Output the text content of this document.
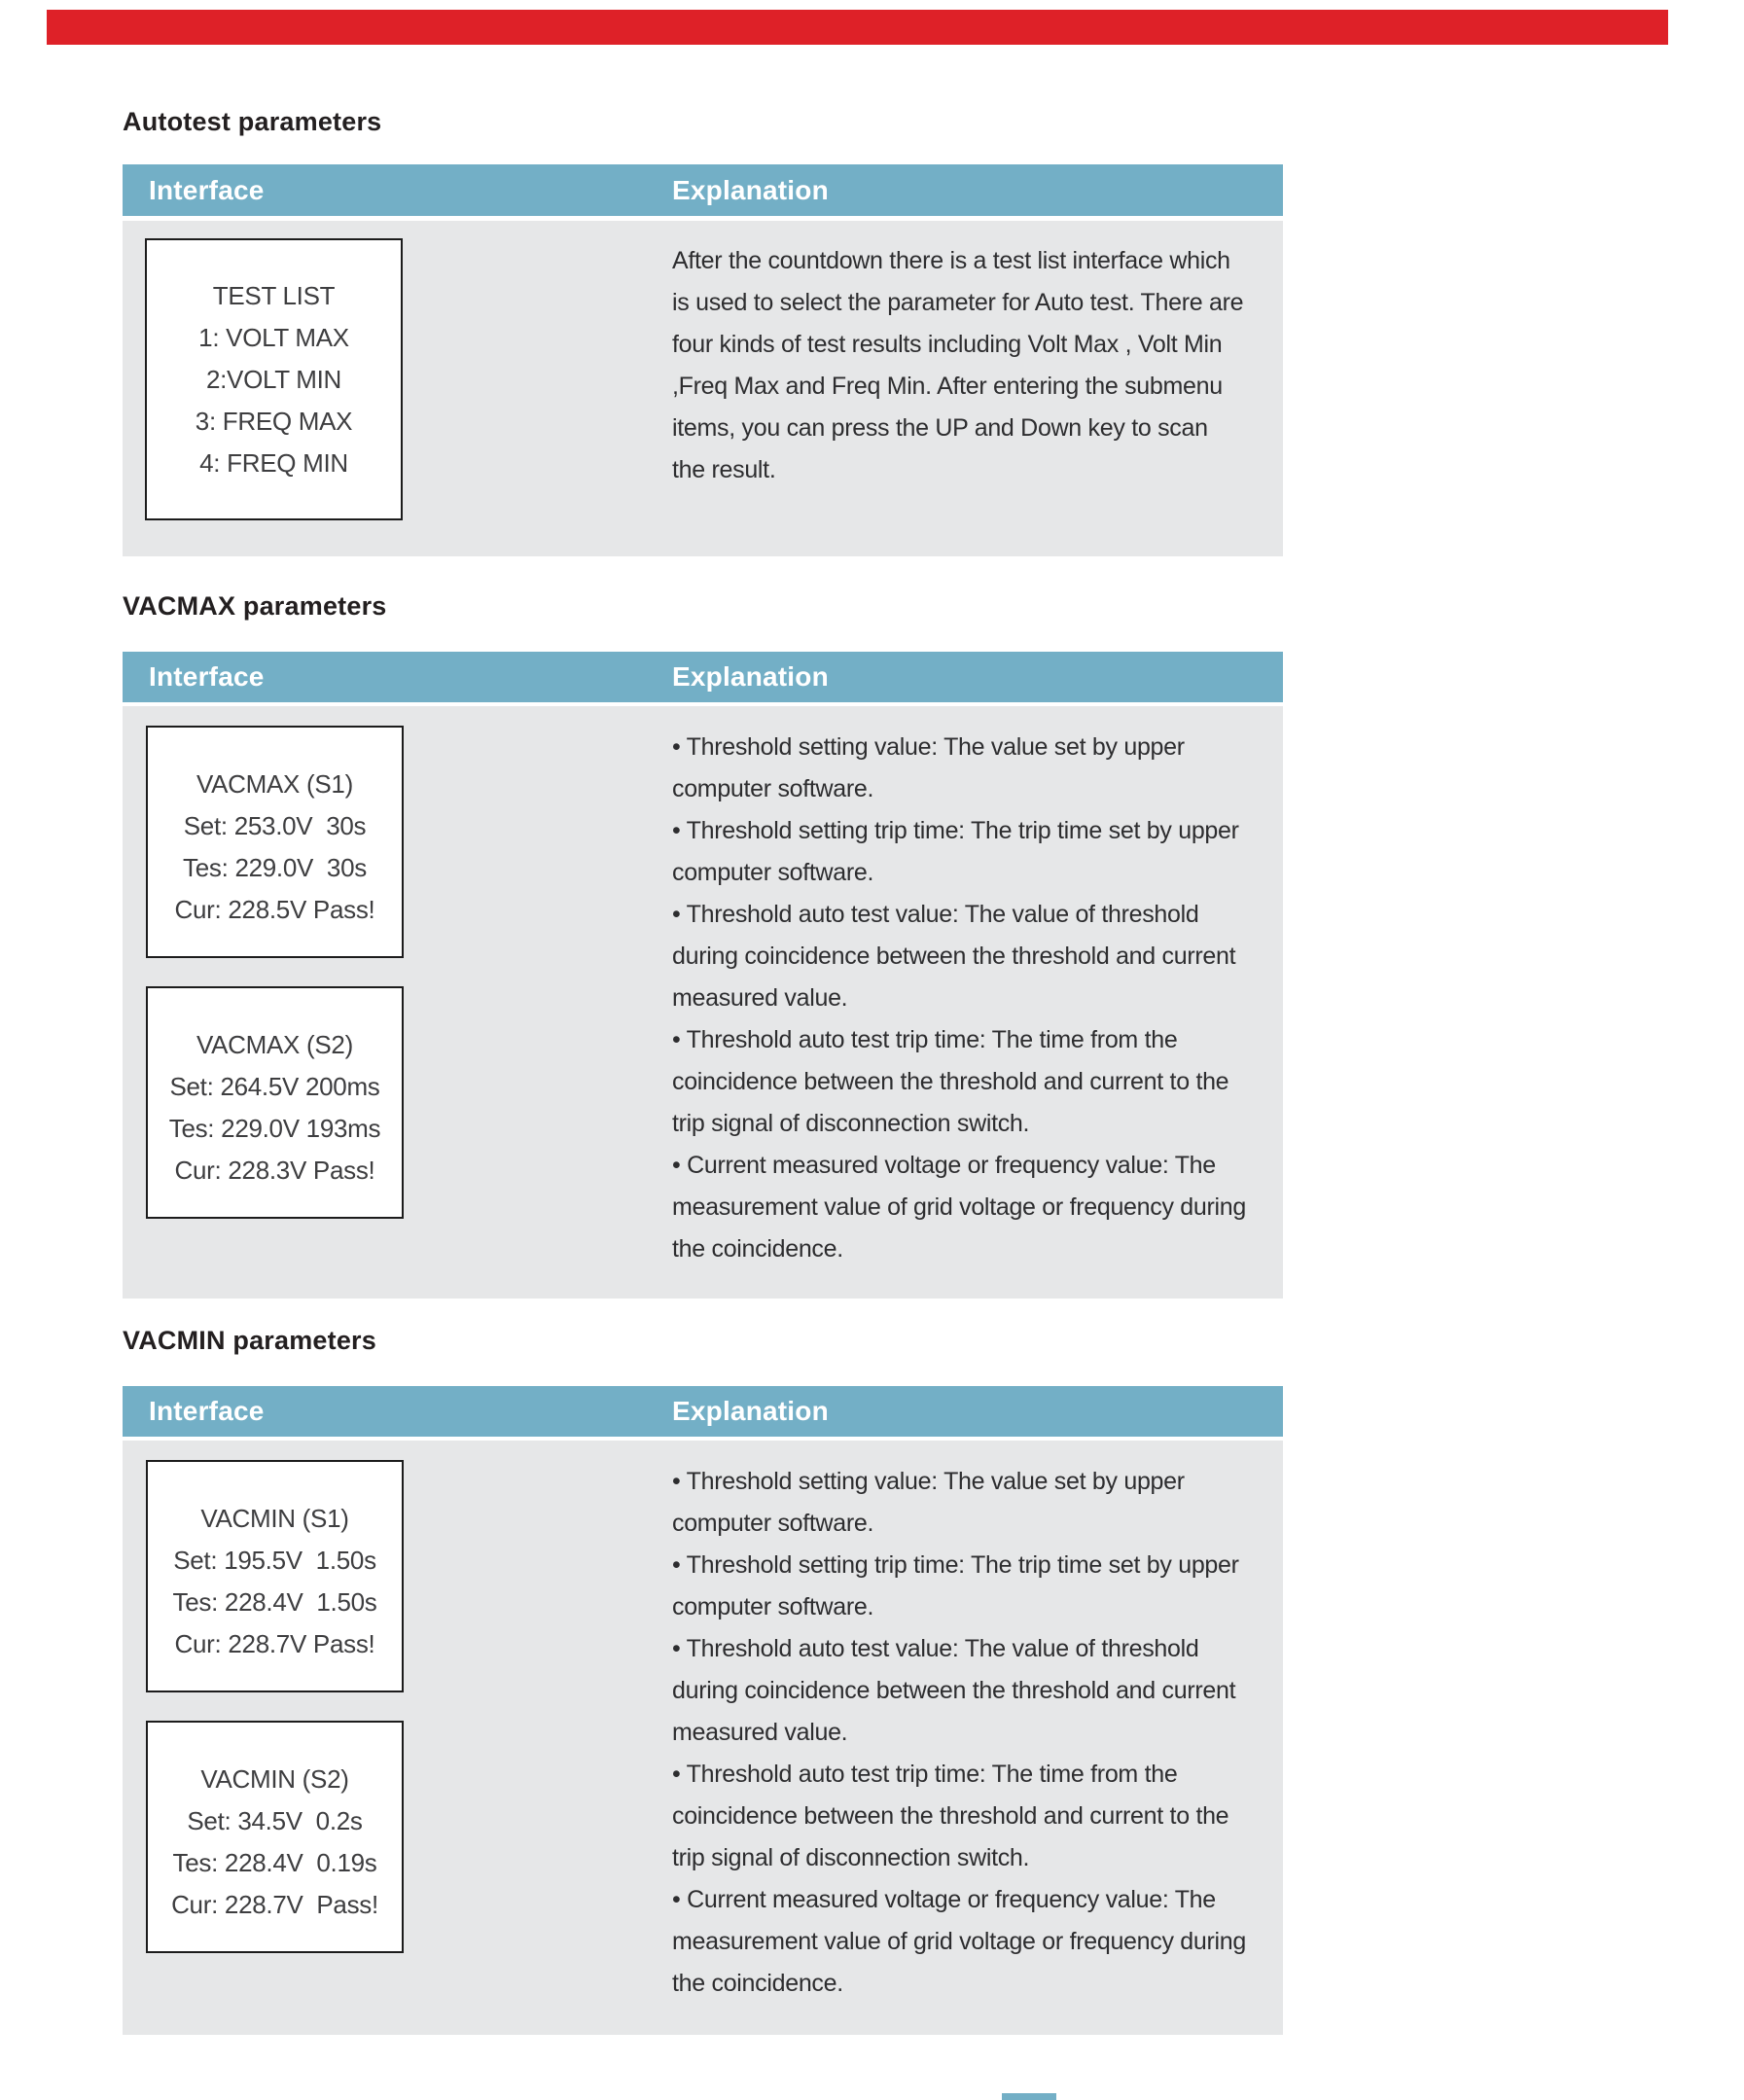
Autotest parameters
Interface	Explanation
TEST LIST
1: VOLT MAX
2:VOLT MIN
3: FREQ MAX
4: FREQ MIN
After the countdown there is a test list interface which
is used to select the parameter for Auto test. There are
four kinds of test results including Volt Max , Volt Min
,Freq Max and Freq Min. After entering the submenu
items, you can press the UP and Down key to scan
the result.
VACMAX parameters
Interface	Explanation
VACMAX (S1)
Set: 253.0V  30s
Tes: 229.0V  30s
Cur: 228.5V Pass!
VACMAX (S2)
Set: 264.5V 200ms
Tes: 229.0V 193ms
Cur: 228.3V Pass!
• Threshold setting value: The value set by upper
computer software.
• Threshold setting trip time: The trip time set by upper
computer software.
• Threshold auto test value: The value of threshold
during coincidence between the threshold and current
measured value.
• Threshold auto test trip time: The time from the
coincidence between the threshold and current to the
trip signal of disconnection switch.
• Current measured voltage or frequency value: The
measurement value of grid voltage or frequency during
the coincidence.
VACMIN parameters
Interface	Explanation
VACMIN (S1)
Set: 195.5V  1.50s
Tes: 228.4V  1.50s
Cur: 228.7V Pass!
VACMIN (S2)
Set: 34.5V  0.2s
Tes: 228.4V  0.19s
Cur: 228.7V  Pass!
• Threshold setting value: The value set by upper
computer software.
• Threshold setting trip time: The trip time set by upper
computer software.
• Threshold auto test value: The value of threshold
during coincidence between the threshold and current
measured value.
• Threshold auto test trip time: The time from the
coincidence between the threshold and current to the
trip signal of disconnection switch.
• Current measured voltage or frequency value: The
measurement value of grid voltage or frequency during
the coincidence.
